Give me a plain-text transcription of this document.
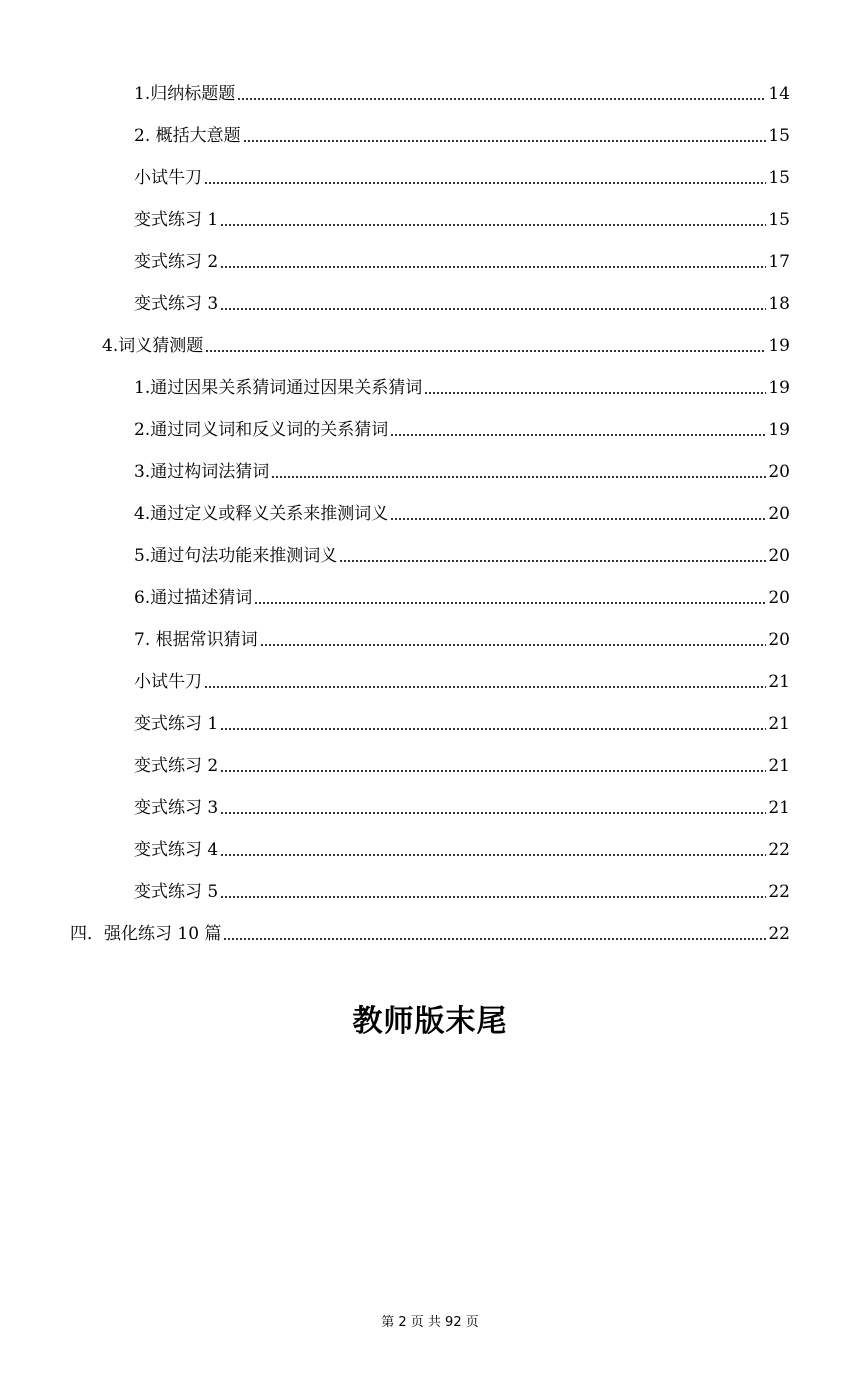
1.归纳标题题	14
2. 概括大意题	15
小试牛刀	15
变式练习 1	15
变式练习 2	17
变式练习 3	18
4.词义猜测题	19
1.通过因果关系猜词通过因果关系猜词	19
2.通过同义词和反义词的关系猜词	19
3.通过构词法猜词	20
4.通过定义或释义关系来推测词义	20
5.通过句法功能来推测词义	20
6.通过描述猜词	20
7. 根据常识猜词	20
小试牛刀	21
变式练习 1	21
变式练习 2	21
变式练习 3	21
变式练习 4	22
变式练习 5	22
四．强化练习 10 篇	22
教师版末尾
第 2 页 共 92 页
